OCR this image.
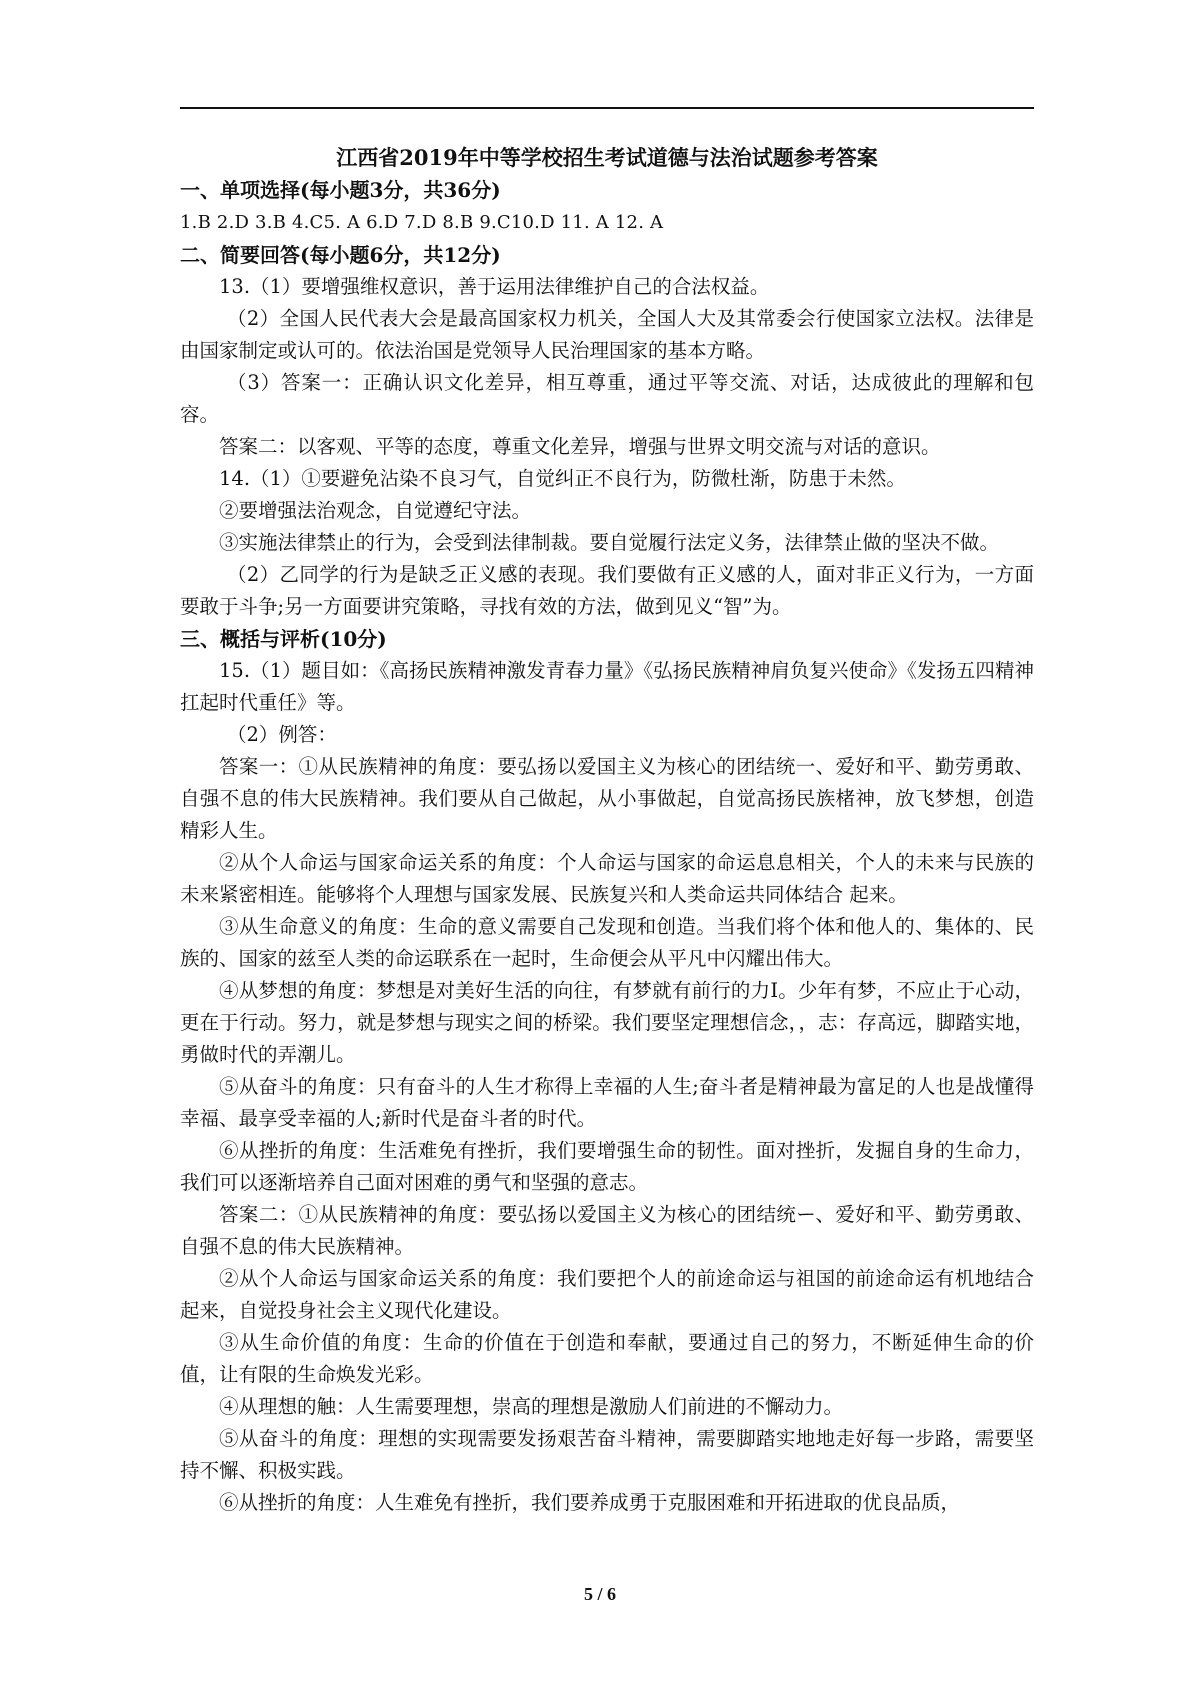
江西省2019年中等学校招生考试道德与法治试题参考答案

一、单项选择(每小题3分，共36分)

1.B 2.D 3.B 4.C5. A 6.D 7.D 8.B 9.C10.D 11. A 12. A

二、简要回答(每小题6分，共12分)

13.（1）要增强维权意识，善于运用法律维护自己的合法权益。

（2）全国人民代表大会是最高国家权力机关，全国人大及其常委会行使国家立法权。法律是由国家制定或认可的。依法治国是党领导人民治理国家的基本方略。

（3）答案一：正确认识文化差异，相互尊重，通过平等交流、对话，达成彼此的理解和包容。

答案二：以客观、平等的态度，尊重文化差异，增强与世界文明交流与对话的意识。

14.（1）①要避免沾染不良习气，自觉纠正不良行为，防微杜渐，防患于未然。

②要增强法治观念，自觉遵纪守法。

③实施法律禁止的行为，会受到法律制裁。要自觉履行法定义务，法律禁止做的坚决不做。

（2）乙同学的行为是缺乏正义感的表现。我们要做有正义感的人，面对非正义行为，一方面要敢于斗争;另一方面要讲究策略，寻找有效的方法，做到见义“智”为。

三、概括与评析(10分)

15.（1）题目如：《高扬民族精神激发青春力量》《弘扬民族精神肩负复兴使命》《发扬五四精神扛起时代重任》等。

（2）例答：

答案一：①从民族精神的角度：要弘扬以爱国主义为核心的团结统一、爱好和平、勤劳勇敢、自强不息的伟大民族精神。我们要从自己做起，从小事做起，自觉高扬民族楮神，放飞梦想，创造精彩人生。

②从个人命运与国家命运关系的角度：个人命运与国家的命运息息相关，个人的未来与民族的未来紧密相连。能够将个人理想与国家发展、民族复兴和人类命运共同体结合 起来。

③从生命意义的角度：生命的意义需要自己发现和创造。当我们将个体和他人的、集体的、民族的、国家的兹至人类的命运联系在一起时，生命便会从平凡中闪耀出伟大。

④从梦想的角度：梦想是对美好生活的向往，有梦就有前行的力I。少年有梦，不应止于心动，更在于行动。努力，就是梦想与现实之间的桥梁。我们要坚定理想信念，，志：存高远，脚踏实地，勇做时代的弄潮儿。

⑤从奋斗的角度：只有奋斗的人生才称得上幸福的人生;奋斗者是精神最为富足的人也是战懂得幸福、最享受幸福的人;新时代是奋斗者的时代。

⑥从挫折的角度：生活难免有挫折，我们要增强生命的韧性。面对挫折，发掘自身的生命力，我们可以逐渐培养自己面对困难的勇气和坚强的意志。

答案二：①从民族精神的角度：要弘扬以爱国主义为核心的团结统ー、爱好和平、勤劳勇敢、自强不息的伟大民族精神。

②从个人命运与国家命运关系的角度：我们要把个人的前途命运与祖国的前途命运有机地结合起来，自觉投身社会主义现代化建设。

③从生命价值的角度：生命的价值在于创造和奉献，要通过自己的努力，不断延伸生命的价值，让有限的生命焕发光彩。

④从理想的触：人生需要理想，崇高的理想是激励人们前进的不懈动力。

⑤从奋斗的角度：理想的实现需要发扬艰苦奋斗精神，需要脚踏实地地走好每一步路，需要坚持不懈、积极实践。

⑥从挫折的角度：人生难免有挫折，我们要养成勇于克服困难和开拓进取的优良品质，

5 / 6
